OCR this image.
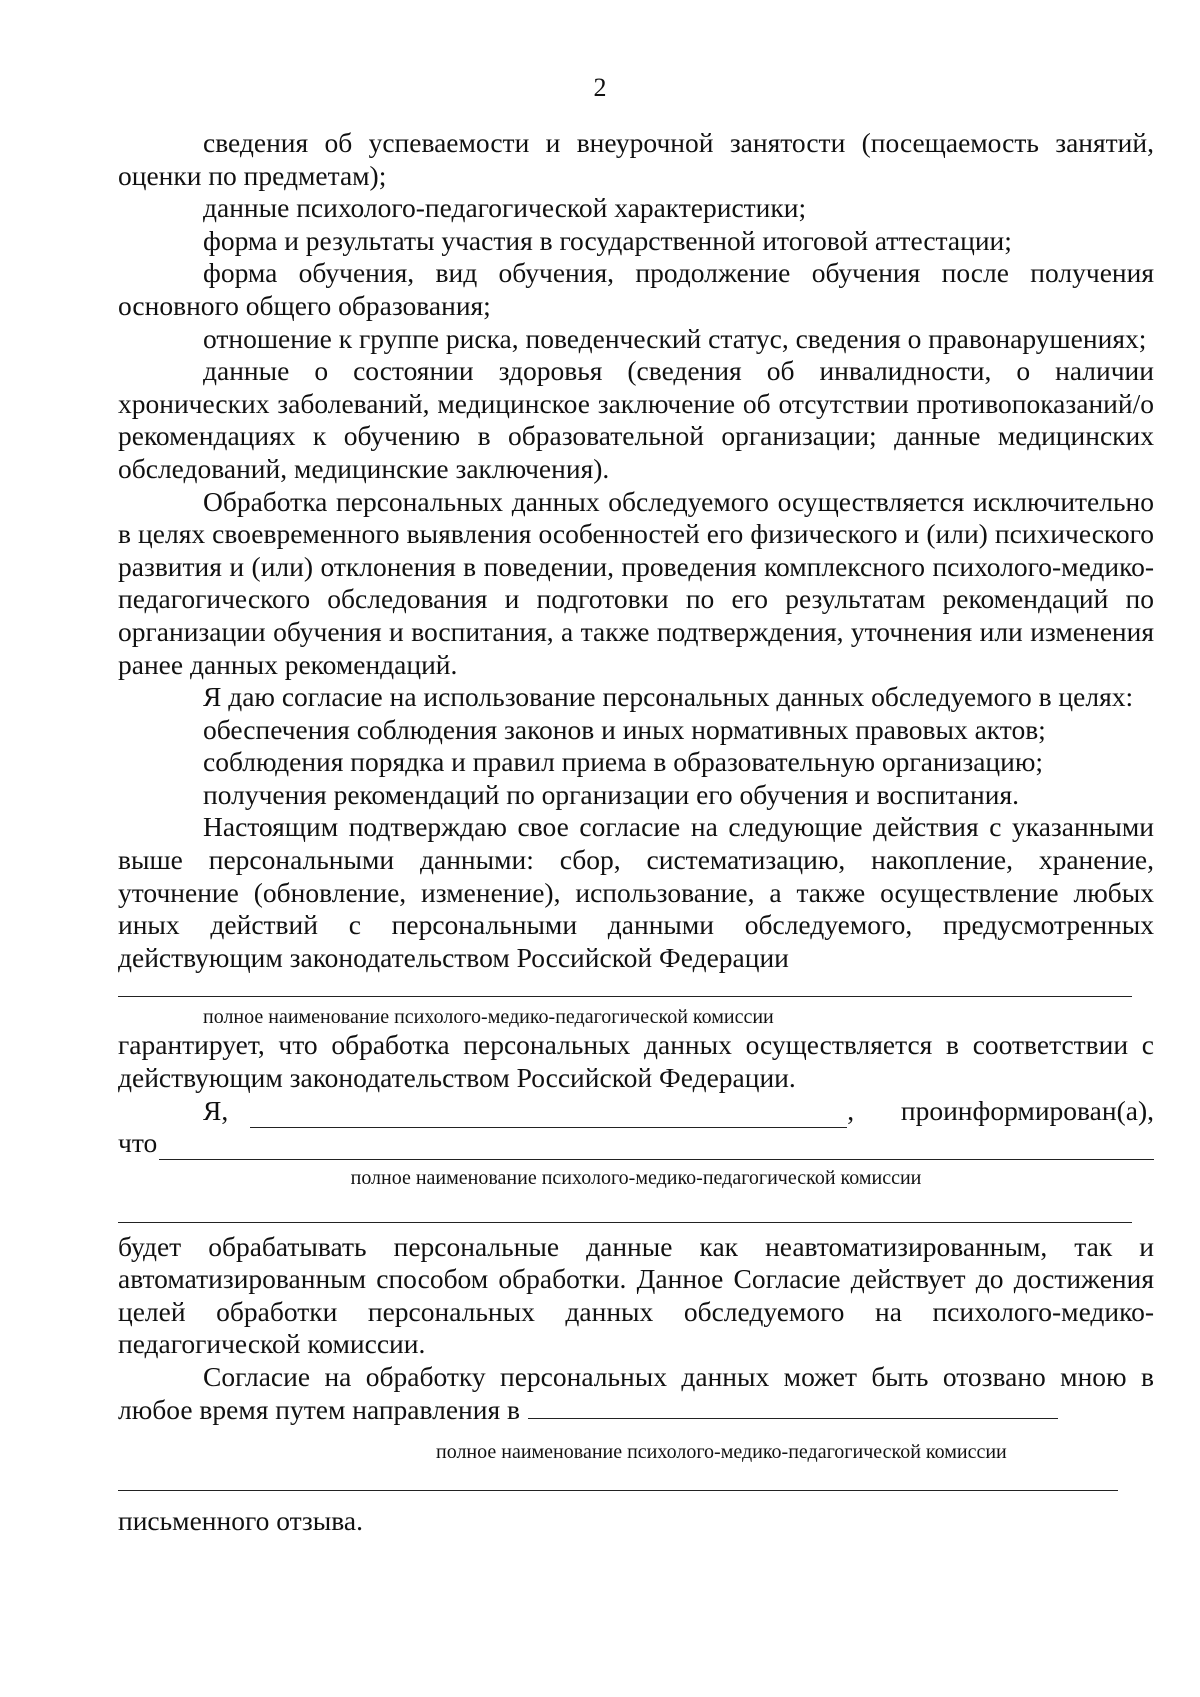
2

сведения об успеваемости и внеурочной занятости (посещаемость занятий, оценки по предметам);

данные психолого-педагогической характеристики;

форма и результаты участия в государственной итоговой аттестации;

форма обучения, вид обучения, продолжение обучения после получения основного общего образования;

отношение к группе риска, поведенческий статус, сведения о правонарушениях;

данные о состоянии здоровья (сведения об инвалидности, о наличии хронических заболеваний, медицинское заключение об отсутствии противопоказаний/о рекомендациях к обучению в образовательной организации; данные медицинских обследований, медицинские заключения).

Обработка персональных данных обследуемого осуществляется исключительно в целях своевременного выявления особенностей его физического и (или) психического развития и (или) отклонения в поведении, проведения комплексного психолого-медико-педагогического обследования и подготовки по его результатам рекомендаций по организации обучения и воспитания, а также подтверждения, уточнения или изменения ранее данных рекомендаций.

Я даю согласие на использование персональных данных обследуемого в целях:

обеспечения соблюдения законов и иных нормативных правовых актов;

соблюдения порядка и правил приема в образовательную организацию;

получения рекомендаций по организации его обучения и воспитания.

Настоящим подтверждаю свое согласие на следующие действия с указанными выше персональными данными: сбор, систематизацию, накопление, хранение, уточнение (обновление, изменение), использование, а также осуществление любых иных действий с персональными данными обследуемого, предусмотренных действующим законодательством Российской Федерации

полное наименование психолого-медико-педагогической комиссии

гарантирует, что обработка персональных данных осуществляется в соответствии с действующим законодательством Российской Федерации.

Я,	, проинформирован(а),
что

полное наименование психолого-медико-педагогической комиссии

будет обрабатывать персональные данные как неавтоматизированным, так и автоматизированным способом обработки. Данное Согласие действует до достижения целей обработки персональных данных обследуемого на психолого-медико-педагогической комиссии.

Согласие на обработку персональных данных может быть отозвано мною в любое время путем направления в

полное наименование психолого-медико-педагогической комиссии

письменного отзыва.
